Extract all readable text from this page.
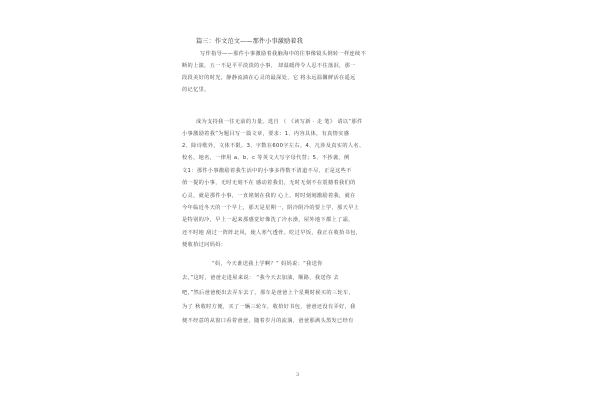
篇三：作文范文——那件小事激励着我
写作指导——那件小事激励着我脑海中的往事像镜头倒转一样连续不
断的上演，五一不是平平淡淡的小事， 却温暖得令人忍不住落泪，那一
段段美好的时光，静静流淌在心灵的最深处，它 将永远温馨鲜活在遥远
的记忆里。
成为支持我一往无前的力量。选自 （ 《读写新 · 走 笔》 请以“那件
小事激励着我”为题目写一篇文章，要求：1、内容具体，有真情实感
2、除诗歌外，文体不限。3、字数在600字左右。4、凡涉及真实的人名、
校名，地名，一律用 a、b、c 等英文大写字母代替；5、不抄袭。例
文1：那件小事激励着我生活中的小事多得数不清道不尽，正是这些不
值一提的小事，无时无刻不在 感动着我们，无时无刻不在震撼着我们的
心灵，就是那件小事，一直铭刻在我的 心上，时时刻刻激励着我，就在
今年临近冬天的一个早上，那天是星期一，阴冷阴冷的要上学，那天早上
是特别的冷，早上一起来那感觉好像洗了冷水澡，屋外地下都上了霜，
还不时地 刮过一阵阵北风，使人寒气透骨。吃过早饭，我正在收拾书包，
便收拾过问妈妈：
“妈，今天谁送我上学啊？” 妈妈说：“我送你
去，”这时，爸爸走进屋来说： “我今天去加油，顺路，我送你 去
吧，”然后爸爸便出去弄车去了，那车是爸爸上个星期时候买的三轮车，
为了 秋收时方便，买了一辆三轮车，收拾好书包，爸爸还没有弄好，我
便不经意的从窗口看着爸爸，随着岁月的流淌，爸爸那满头黑发已经有
3
